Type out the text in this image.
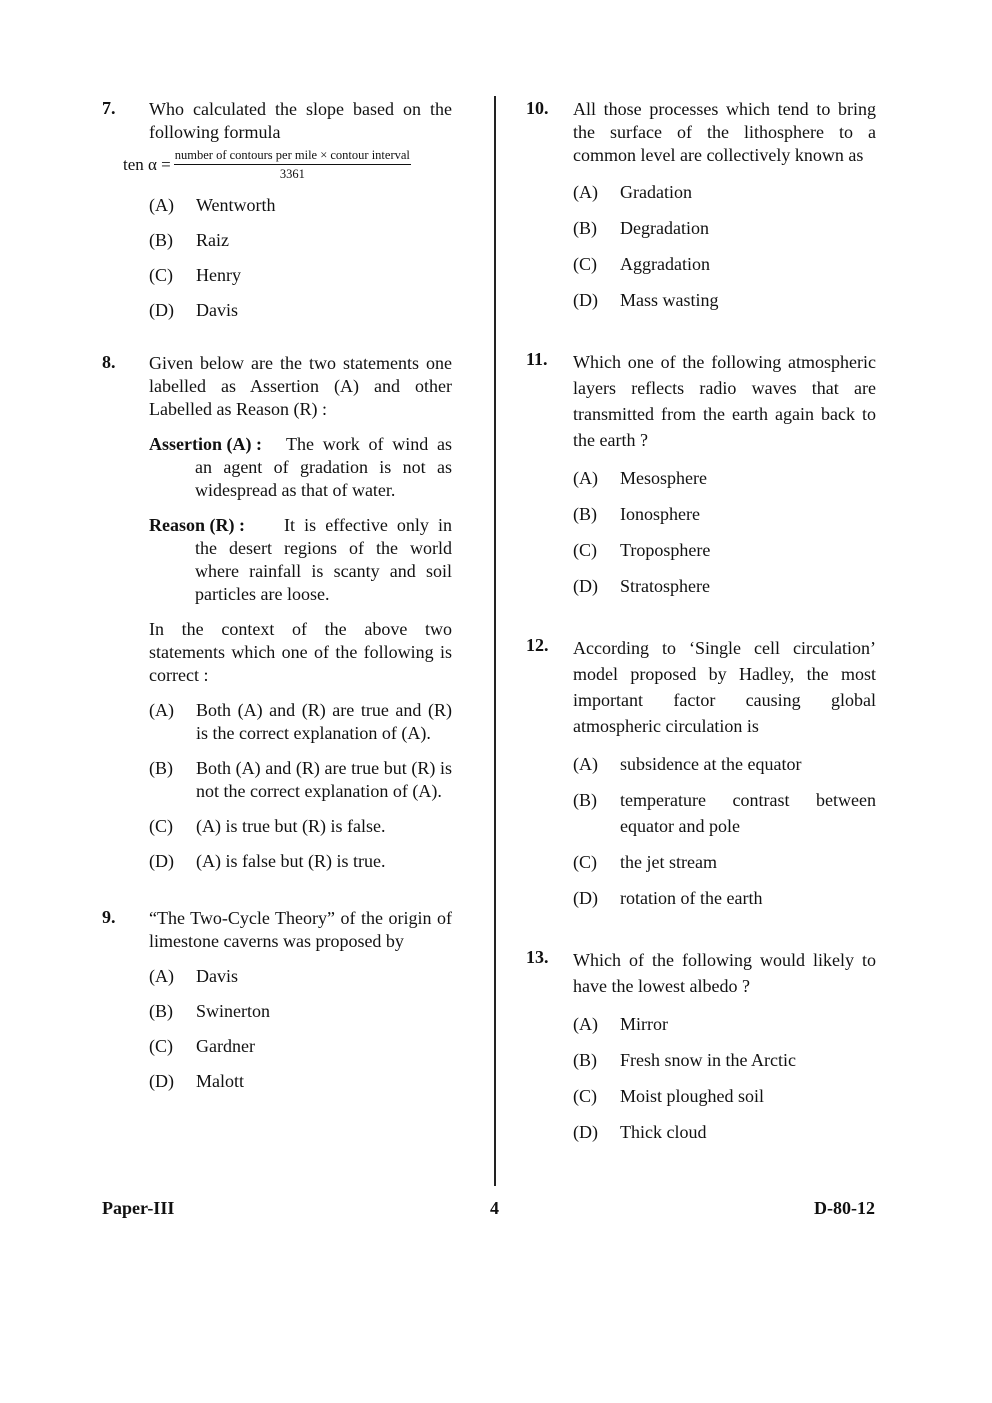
7. Who calculated the slope based on the following formula
ten $\alpha = \frac{\text{number of contours per mile × contour interval}}{3361}$
(A) Wentworth
(B) Raiz
(C) Henry
(D) Davis
8. Given below are the two statements one labelled as Assertion (A) and other Labelled as Reason (R) :
Assertion (A) : The work of wind as an agent of gradation is not as widespread as that of water.
Reason (R) : It is effective only in the desert regions of the world where rainfall is scanty and soil particles are loose.
In the context of the above two statements which one of the following is correct :
(A) Both (A) and (R) are true and (R) is the correct explanation of (A).
(B) Both (A) and (R) are true but (R) is not the correct explanation of (A).
(C) (A) is true but (R) is false.
(D) (A) is false but (R) is true.
9. “The Two-Cycle Theory” of the origin of limestone caverns was proposed by
(A) Davis
(B) Swinerton
(C) Gardner
(D) Malott
10. All those processes which tend to bring the surface of the lithosphere to a common level are collectively known as
(A) Gradation
(B) Degradation
(C) Aggradation
(D) Mass wasting
11. Which one of the following atmospheric layers reflects radio waves that are transmitted from the earth again back to the earth ?
(A) Mesosphere
(B) Ionosphere
(C) Troposphere
(D) Stratosphere
12. According to ‘Single cell circulation’ model proposed by Hadley, the most important factor causing global atmospheric circulation is
(A) subsidence at the equator
(B) temperature contrast between equator and pole
(C) the jet stream
(D) rotation of the earth
13. Which of the following would likely to have the lowest albedo ?
(A) Mirror
(B) Fresh snow in the Arctic
(C) Moist ploughed soil
(D) Thick cloud
Paper-III	4	D-80-12
